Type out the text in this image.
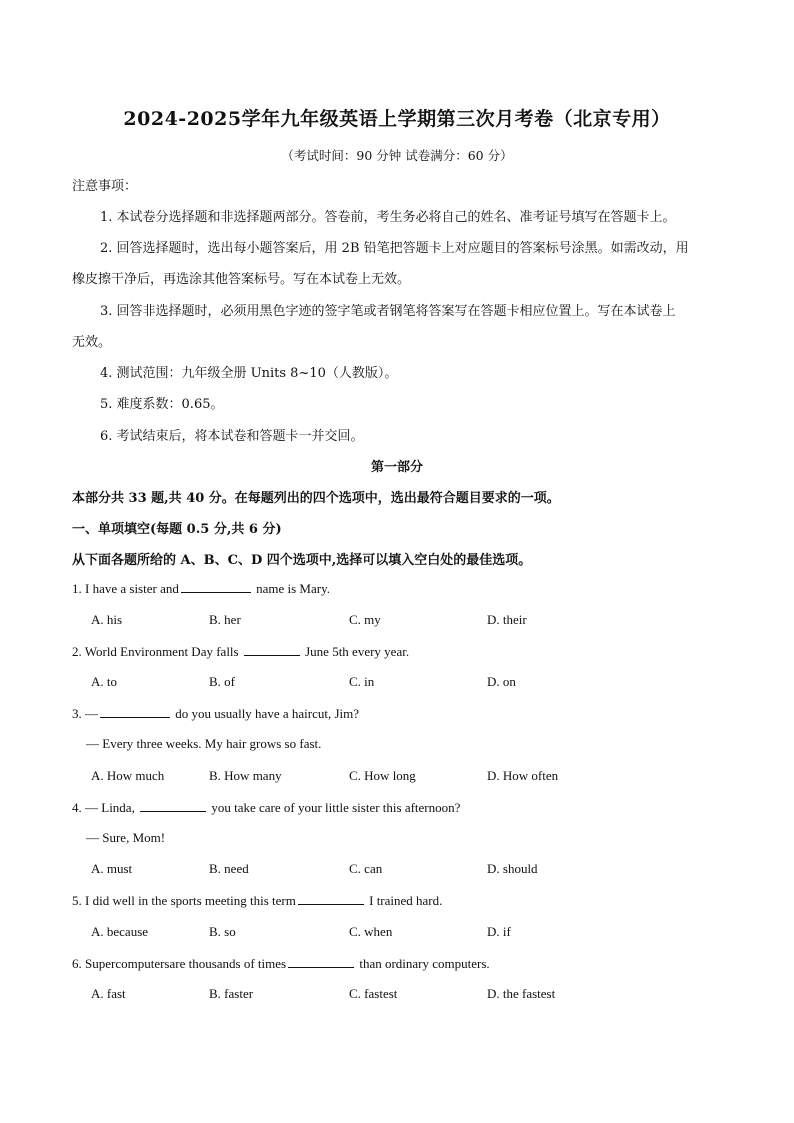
2024-2025学年九年级英语上学期第三次月考卷（北京专用）
（考试时间：90 分钟 试卷满分：60 分）
注意事项：
1. 本试卷分选择题和非选择题两部分。答卷前，考生务必将自己的姓名、准考证号填写在答题卡上。
2. 回答选择题时，选出每小题答案后，用 2B 铅笔把答题卡上对应题目的答案标号涂黑。如需改动，用
橡皮擦干净后，再选涂其他答案标号。写在本试卷上无效。
3. 回答非选择题时，必须用黑色字迹的签字笔或者钢笔将答案写在答题卡相应位置上。写在本试卷上
无效。
4. 测试范围：九年级全册 Units 8~10（人教版）。
5. 难度系数：0.65。
6. 考试结束后，将本试卷和答题卡一并交回。
第一部分
本部分共 33 题,共 40 分。在每题列出的四个选项中，选出最符合题目要求的一项。
一、单项填空(每题 0.5 分,共 6 分)
从下面各题所给的 A、B、C、D 四个选项中,选择可以填入空白处的最佳选项。
1. I have a sister and	name is Mary.
A. his	B. her	C. my	D. their
2. World Environment Day falls	June 5th every year.
A. to	B. of	C. in	D. on
3. —	do you usually have a haircut, Jim?
— Every three weeks. My hair grows so fast.
A. How much	B. How many	C. How long	D. How often
4. — Linda,	you take care of your little sister this afternoon?
— Sure, Mom!
A. must	B. need	C. can	D. should
5. I did well in the sports meeting this term	I trained hard.
A. because	B. so	C. when	D. if
6. Supercomputersare thousands of times	than ordinary computers.
A. fast	B. faster	C. fastest	D. the fastest
